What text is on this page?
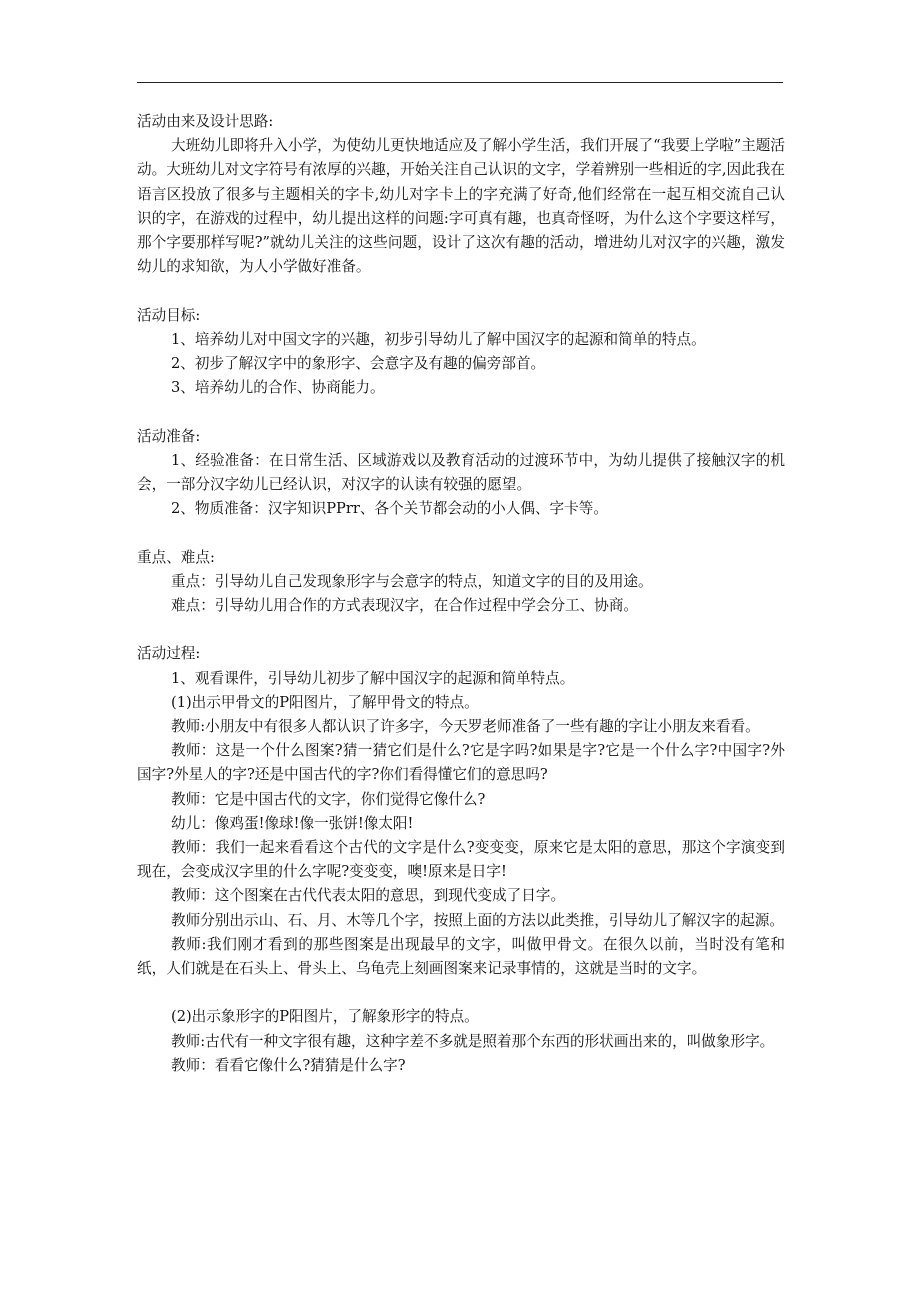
活动由来及设计思路:

大班幼儿即将升入小学，为使幼儿更快地适应及了解小学生活，我们开展了“我要上学啦”主题活动。大班幼儿对文字符号有浓厚的兴趣，开始关注自己认识的文字，学着辨别一些相近的字,因此我在语言区投放了很多与主题相关的字卡,幼儿对字卡上的字充满了好奇,他们经常在一起互相交流自己认识的字，在游戏的过程中，幼儿提出这样的问题:字可真有趣，也真奇怪呀，为什么这个字要这样写，那个字要那样写呢?”就幼儿关注的这些问题，设计了这次有趣的活动，增进幼儿对汉字的兴趣，激发幼儿的求知欲，为人小学做好准备。

活动目标:

1、培养幼儿对中国文字的兴趣，初步引导幼儿了解中国汉字的起源和简单的特点。

2、初步了解汉字中的象形字、会意字及有趣的偏旁部首。

3、培养幼儿的合作、协商能力。

活动准备:

1、经验准备：在日常生活、区域游戏以及教育活动的过渡环节中，为幼儿提供了接触汉字的机会，一部分汉字幼儿已经认识，对汉字的认读有较强的愿望。

2、物质准备：汉字知识PPrr、各个关节都会动的小人偶、字卡等。

重点、难点:

重点：引导幼儿自己发现象形字与会意字的特点，知道文字的目的及用途。

难点：引导幼儿用合作的方式表现汉字，在合作过程中学会分工、协商。

活动过程:

1、观看课件，引导幼儿初步了解中国汉字的起源和简单特点。

(1)出示甲骨文的P阳图片，了解甲骨文的特点。

教师:小朋友中有很多人都认识了许多字，今天罗老师准备了一些有趣的字让小朋友来看看。

教师：这是一个什么图案?猜一猜它们是什么?它是字吗?如果是字?它是一个什么字?中国字?外国字?外星人的字?还是中国古代的字?你们看得懂它们的意思吗?

教师：它是中国古代的文字，你们觉得它像什么?

幼儿：像鸡蛋!像球!像一张饼!像太阳!

教师：我们一起来看看这个古代的文字是什么?变变变，原来它是太阳的意思，那这个字演变到现在，会变成汉字里的什么字呢?变变变，噢!原来是日字!

教师：这个图案在古代代表太阳的意思，到现代变成了日字。

教师分别出示山、石、月、木等几个字，按照上面的方法以此类推，引导幼儿了解汉字的起源。

教师:我们刚才看到的那些图案是出现最早的文字，叫做甲骨文。在很久以前，当时没有笔和纸，人们就是在石头上、骨头上、乌龟壳上刻画图案来记录事情的，这就是当时的文字。

(2)出示象形字的P阳图片，了解象形字的特点。

教师:古代有一种文字很有趣，这种字差不多就是照着那个东西的形状画出来的，叫做象形字。

教师：看看它像什么?猜猜是什么字?
